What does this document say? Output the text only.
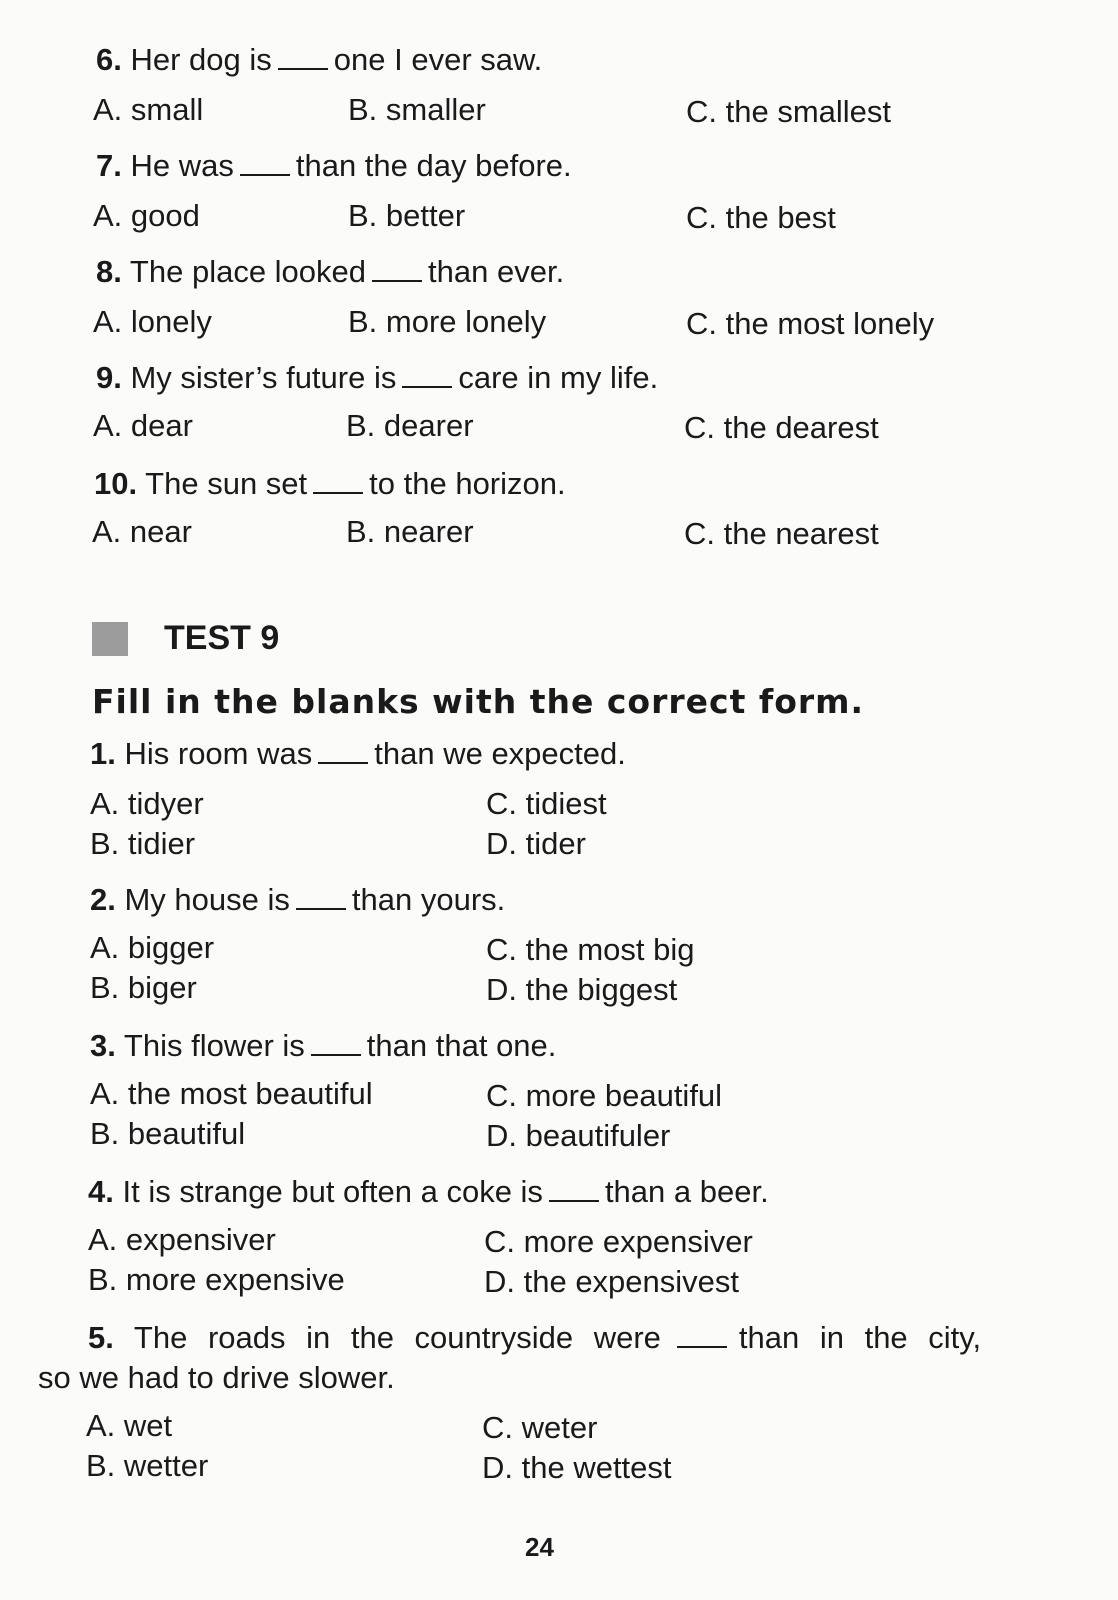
6. Her dog is one I ever saw.
A. small	B. smaller	C. the smallest
7. He was than the day before.
A. good	B. better	C. the best
8. The place looked than ever.
A. lonely	B. more lonely	C. the most lonely
9. My sister’s future is care in my life.
A. dear	B. dearer	C. the dearest
10. The sun set to the horizon.
A. near	B. nearer	C. the nearest
TEST 9
Fill in the blanks with the correct form.
1. His room was than we expected.
A. tidyer	C. tidiest
B. tidier	D. tider
2. My house is than yours.
A. bigger	C. the most big
B. biger	D. the biggest
3. This flower is than that one.
A. the most beautiful	C. more beautiful
B. beautiful	D. beautifuler
4. It is strange but often a coke is than a beer.
A. expensiver	C. more expensiver
B. more expensive	D. the expensivest
5. The roads in the countryside were	than in the city,
so we had to drive slower.
A. wet	C. weter
B. wetter	D. the wettest
24
